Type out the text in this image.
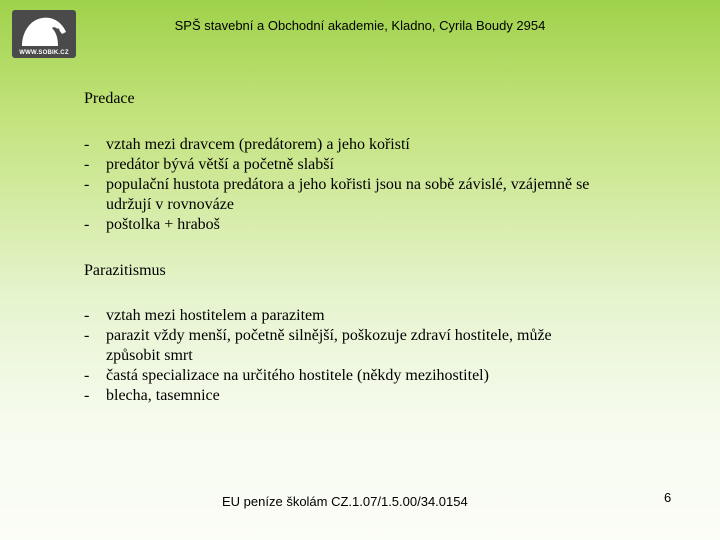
WWW.SOBIK.CZ
SPŠ stavební a Obchodní akademie, Kladno, Cyrila Boudy 2954
Predace
- vztah mezi dravcem (predátorem) a jeho kořistí
- predátor bývá větší a početně slabší
- populační hustota predátora a jeho kořisti jsou na sobě závislé, vzájemně se udržují v rovnováze
- poštolka + hraboš
Parazitismus
- vztah mezi hostitelem a parazitem
- parazit vždy menší, početně silnější, poškozuje zdraví hostitele, může způsobit smrt
- častá specializace na určitého hostitele (někdy mezihostitel)
- blecha, tasemnice
EU peníze školám CZ.1.07/1.5.00/34.0154	6
